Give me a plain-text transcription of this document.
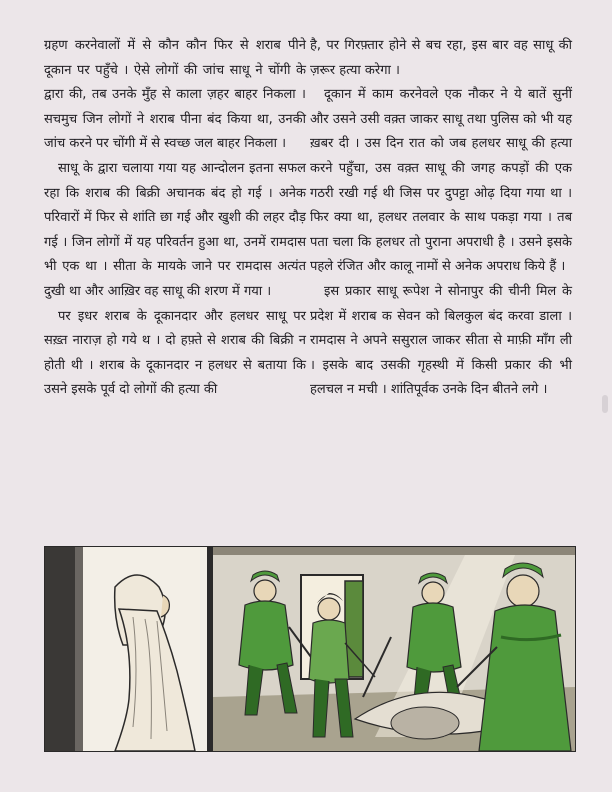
ग्रहण करनेवालों में से कौन कौन फिर से शराब पीने दूकान पर पहुँचे । ऐसे लोगों की जांच साधू ने चोंगी के द्वारा की, तब उनके मुँह से काला ज़हर बाहर निकला । सचमुच जिन लोगों ने शराब पीना बंद किया था, उनकी जांच करने पर चोंगी में से स्वच्छ जल बाहर निकला ।

साधू के द्वारा चलाया गया यह आन्दोलन इतना सफल रहा कि शराब की बिक्री अचानक बंद हो गई । अनेक परिवारों में फिर से शांति छा गई और खुशी की लहर दौड़ गई । जिन लोगों में यह परिवर्तन हुआ था, उनमें रामदास भी एक था । सीता के मायके जाने पर रामदास अत्यंत दुखी था और आख़िर वह साधू की शरण में गया ।

पर इधर शराब के दूकानदार और हलधर साधू पर सख़्त नाराज़ हो गये थ । दो हफ़्ते से शराब की बिक्री न होती थी । शराब के दूकानदार न हलधर से बताया कि उसने इसके पूर्व दो लोगों की हत्या की

है, पर गिरफ़्तार होने से बच रहा, इस बार वह साधू की ज़रूर हत्या करेगा ।

दूकान में काम करनेवले एक नौकर ने ये बातें सुनीं और उसने उसी वक़्त जाकर साधू तथा पुलिस को भी यह ख़बर दी । उस दिन रात को जब हलधर साधू की हत्या करने पहुँचा, उस वक़्त साधू की जगह कपड़ों की एक गठरी रखी गई थी जिस पर दुपट्टा ओढ़ दिया गया था । फिर क्या था, हलधर तलवार के साथ पकड़ा गया । तब पता चला कि हलधर तो पुराना अपराधी है । उसने इसके पहले रंजित और कालू नामों से अनेक अपराध किये हैं ।

इस प्रकार साधू रूपेश ने सोनापुर की चीनी मिल के प्रदेश में शराब क सेवन को बिलकुल बंद करवा डाला । रामदास ने अपने ससुराल जाकर सीता से माफ़ी माँग ली । इसके बाद उसकी गृहस्थी में किसी प्रकार की भी हलचल न मची । शांतिपूर्वक उनके दिन बीतने लगे ।
